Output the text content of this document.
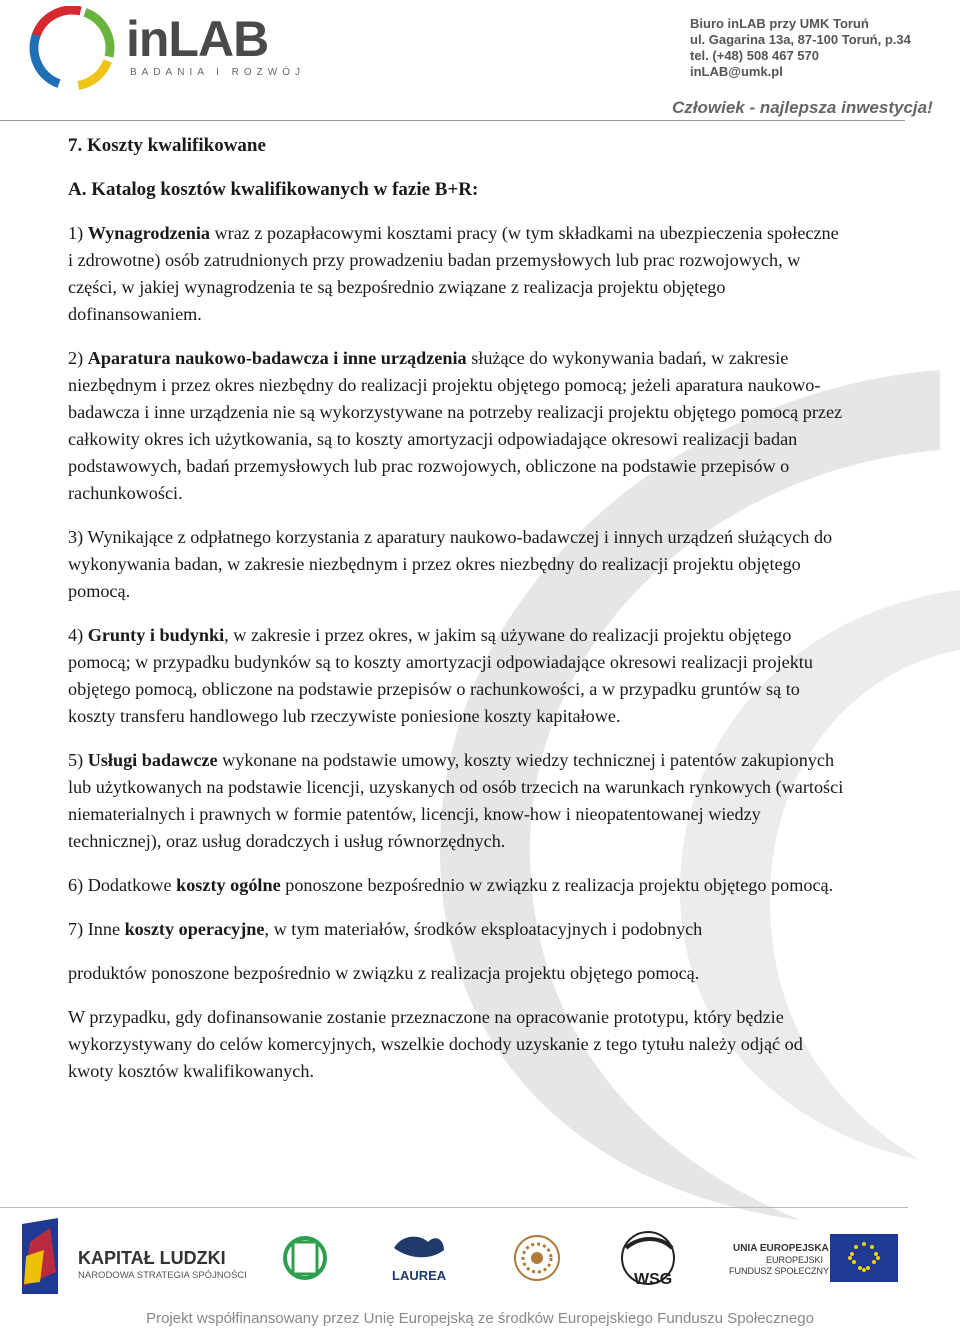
inLAB
BADANIA I ROZWÓJ
Biuro inLAB przy UMK Toruń
ul. Gagarina 13a, 87-100 Toruń, p.34
tel. (+48) 508 467 570
inLAB@umk.pl
Człowiek - najlepsza inwestycja!

7. Koszty kwalifikowane

A. Katalog kosztów kwalifikowanych w fazie B+R:

1) Wynagrodzenia wraz z pozapłacowymi kosztami pracy (w tym składkami na ubezpieczenia społeczne i zdrowotne) osób zatrudnionych przy prowadzeniu badan przemysłowych lub prac rozwojowych, w części, w jakiej wynagrodzenia te są bezpośrednio związane z realizacja projektu objętego dofinansowaniem.

2) Aparatura naukowo-badawcza i inne urządzenia służące do wykonywania badań, w zakresie niezbędnym i przez okres niezbędny do realizacji projektu objętego pomocą; jeżeli aparatura naukowo-badawcza i inne urządzenia nie są wykorzystywane na potrzeby realizacji projektu objętego pomocą przez całkowity okres ich użytkowania, są to koszty amortyzacji odpowiadające okresowi realizacji badan podstawowych, badań przemysłowych lub prac rozwojowych, obliczone na podstawie przepisów o rachunkowości.

3) Wynikające z odpłatnego korzystania z aparatury naukowo-badawczej i innych urządzeń służących do wykonywania badan, w zakresie niezbędnym i przez okres niezbędny do realizacji projektu objętego pomocą.

4) Grunty i budynki, w zakresie i przez okres, w jakim są używane do realizacji projektu objętego pomocą; w przypadku budynków są to koszty amortyzacji odpowiadające okresowi realizacji projektu objętego pomocą, obliczone na podstawie przepisów o rachunkowości, a w przypadku gruntów są to koszty transferu handlowego lub rzeczywiste poniesione koszty kapitałowe.

5) Usługi badawcze wykonane na podstawie umowy, koszty wiedzy technicznej i patentów zakupionych lub użytkowanych na podstawie licencji, uzyskanych od osób trzecich na warunkach rynkowych (wartości niematerialnych i prawnych w formie patentów, licencji, know-how i nieopatentowanej wiedzy technicznej), oraz usług doradczych i usług równorzędnych.

6) Dodatkowe koszty ogólne ponoszone bezpośrednio w związku z realizacja projektu objętego pomocą.

7) Inne koszty operacyjne, w tym materiałów, środków eksploatacyjnych i podobnych

produktów ponoszone bezpośrednio w związku z realizacja projektu objętego pomocą.

W przypadku, gdy dofinansowanie zostanie przeznaczone na opracowanie prototypu, który będzie wykorzystywany do celów komercyjnych, wszelkie dochody uzyskanie z tego tytułu należy odjąć od kwoty kosztów kwalifikowanych.

KAPITAŁ LUDZKI
NARODOWA STRATEGIA SPÓJNOŚCI	LAUREA	WSG
UNIA EUROPEJSKA
EUROPEJSKI
FUNDUSZ SPOŁECZNY
Projekt współfinansowany przez Unię Europejską ze środków Europejskiego Funduszu Społecznego
